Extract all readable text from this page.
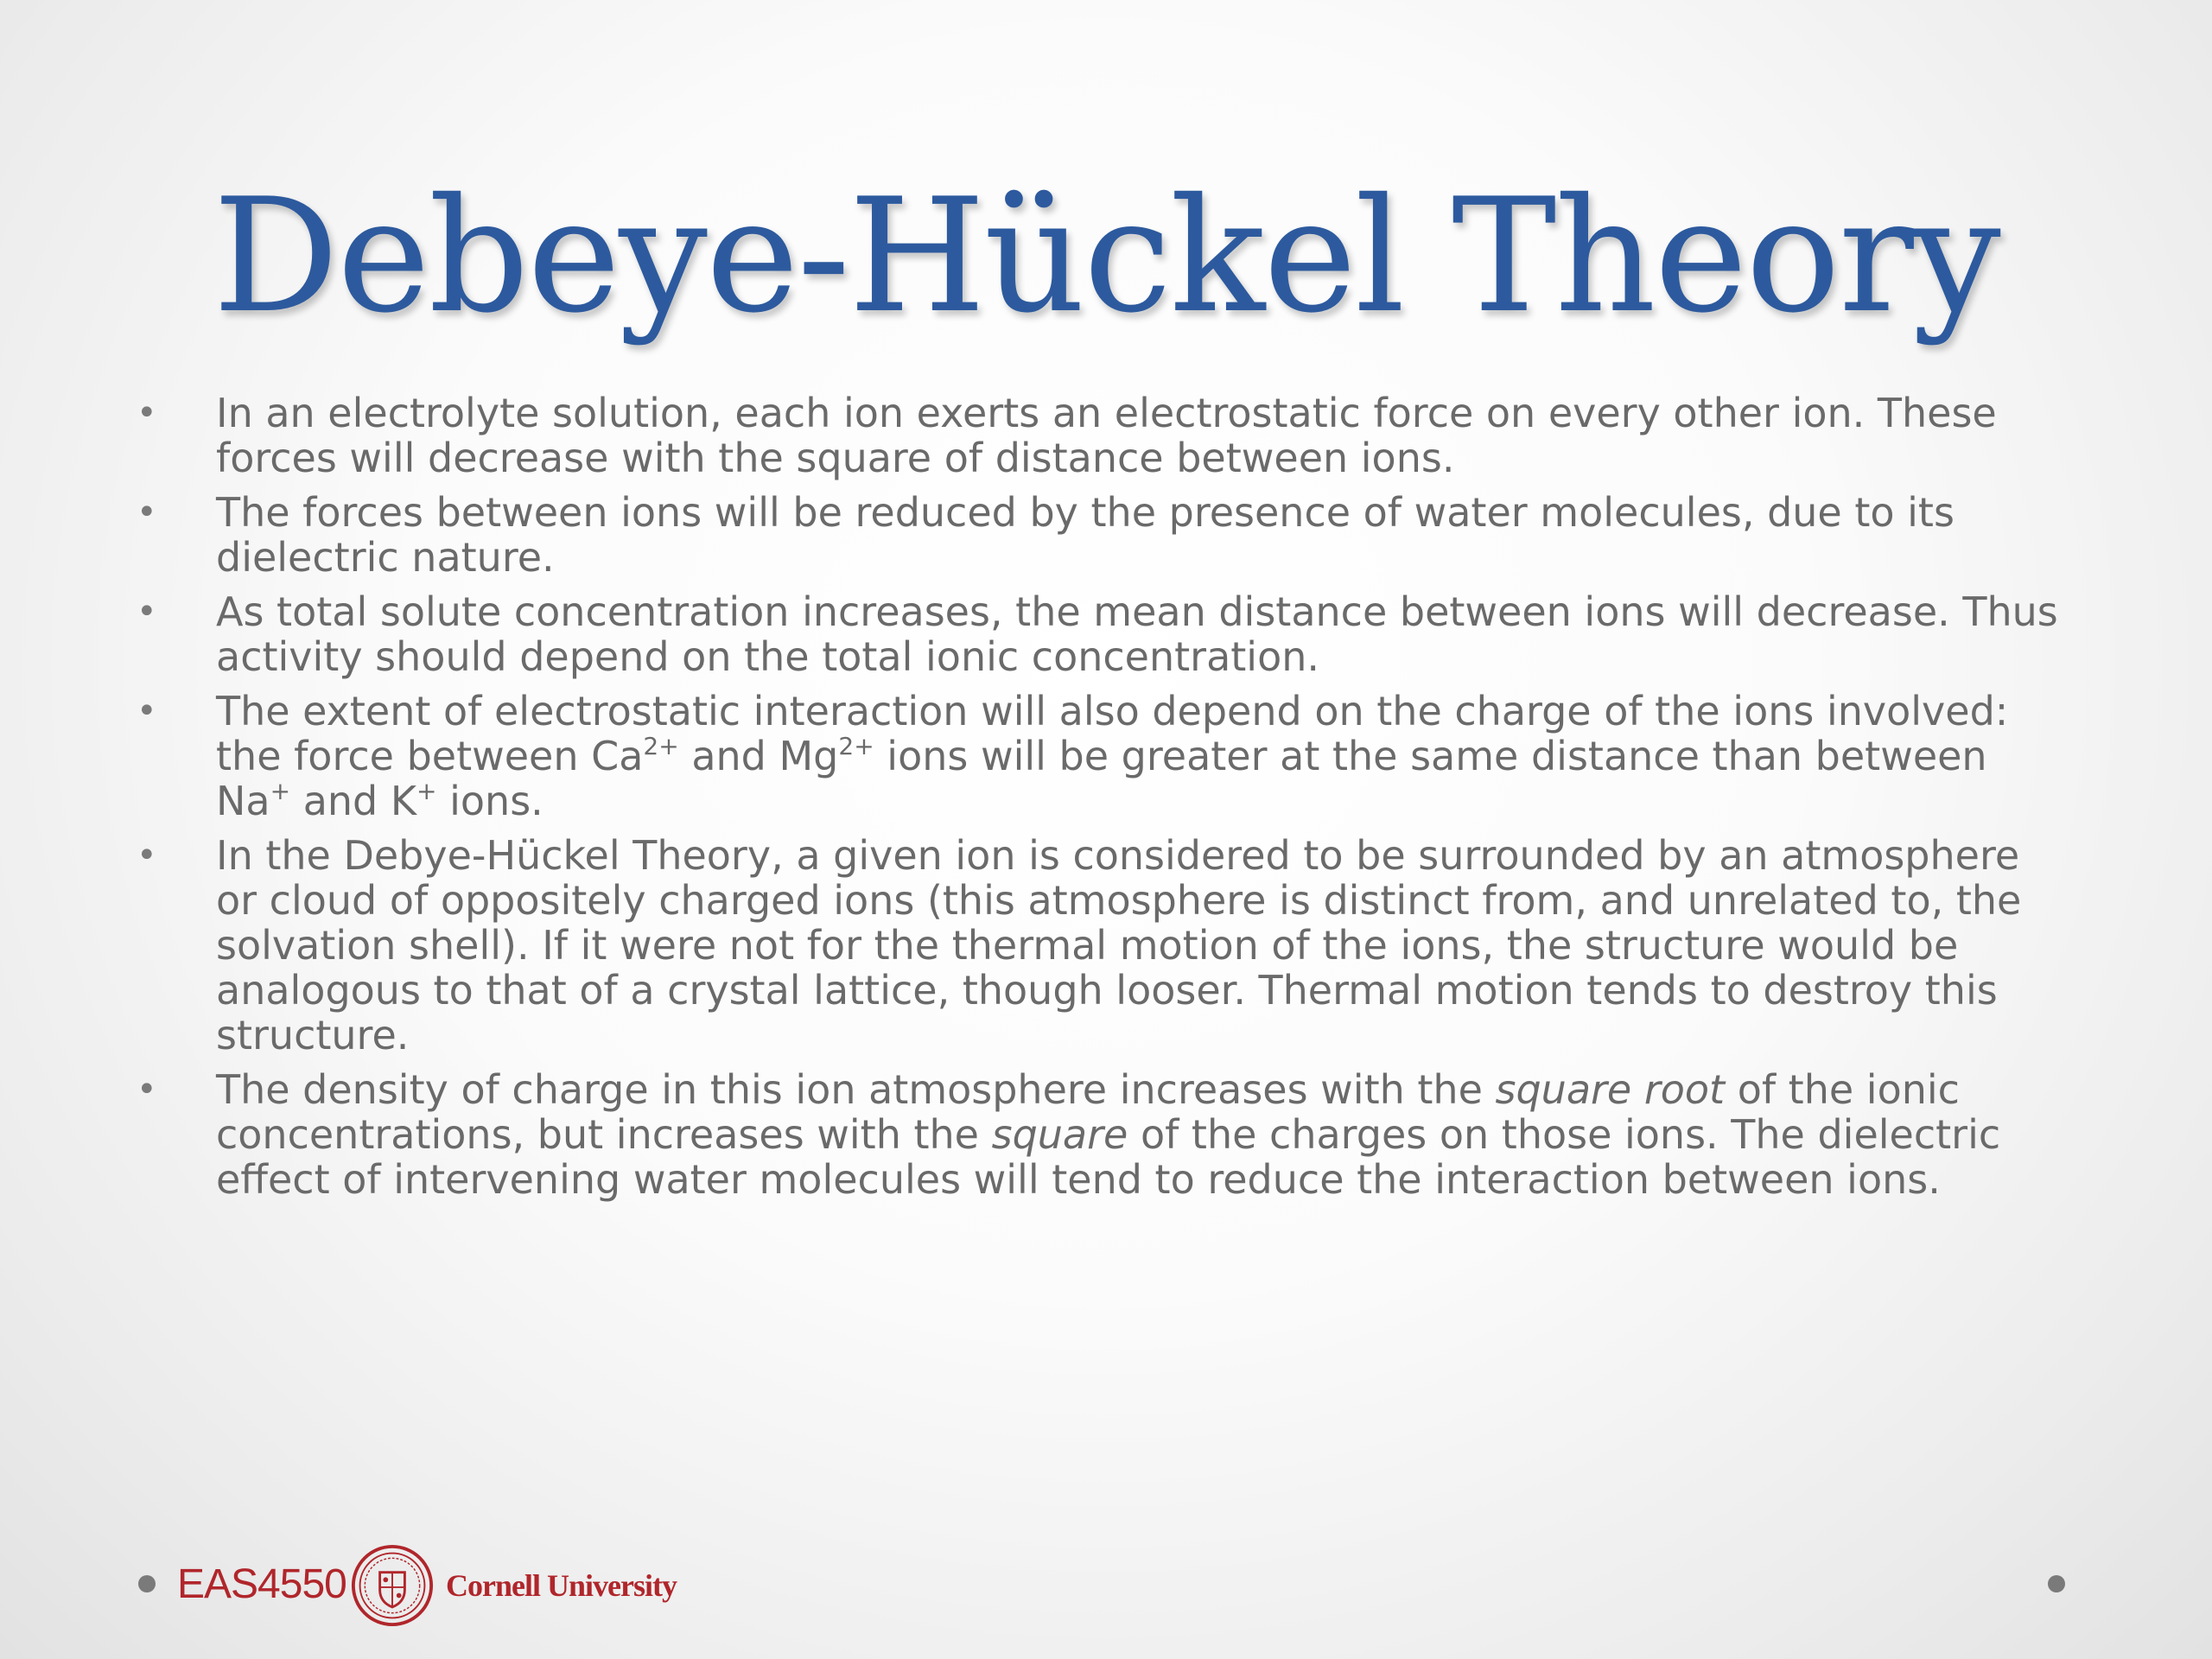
Debeye-Hückel Theory
• In an electrolyte solution, each ion exerts an electrostatic force on every other ion. These forces will decrease with the square of distance between ions.
• The forces between ions will be reduced by the presence of water molecules, due to its dielectric nature.
• As total solute concentration increases, the mean distance between ions will decrease. Thus activity should depend on the total ionic concentration.
• The extent of electrostatic interaction will also depend on the charge of the ions involved: the force between $Ca^{2+}$ and $Mg^{2+}$ ions will be greater at the same distance than between Na+ and K+ ions.
• In the Debye-Hückel Theory, a given ion is considered to be surrounded by an atmosphere or cloud of oppositely charged ions (this atmosphere is distinct from, and unrelated to, the solvation shell). If it were not for the thermal motion of the ions, the structure would be analogous to that of a crystal lattice, though looser. Thermal motion tends to destroy this structure.
• The density of charge in this ion atmosphere increases with the square root of the ionic concentrations, but increases with the square of the charges on those ions. The dielectric effect of intervening water molecules will tend to reduce the interaction between ions.
EAS4550	Cornell University
